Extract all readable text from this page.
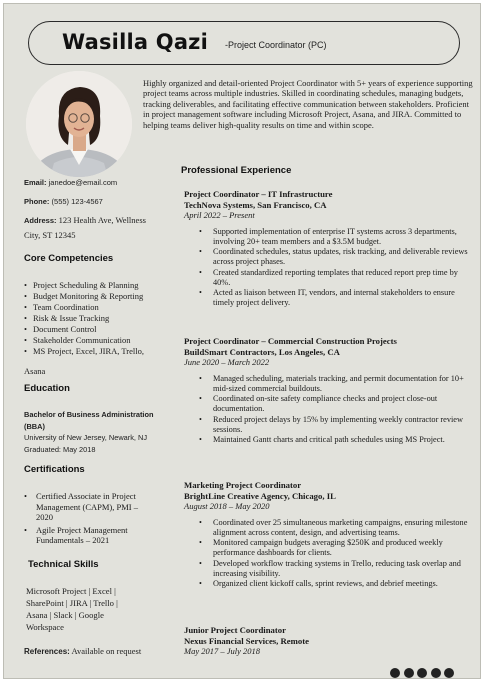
Wasilla Qazi -Project Coordinator (PC)
Highly organized and detail-oriented Project Coordinator with 5+ years of experience supporting project teams across multiple industries. Skilled in coordinating schedules, managing budgets, tracking deliverables, and facilitating effective communication between stakeholders. Proficient in project management software including Microsoft Project, Asana, and JIRA. Committed to helping teams deliver high-quality results on time and within scope.
Email: janedoe@email.com
Phone: (555) 123-4567
Address: 123 Health Ave, Wellness
City, ST 12345
Core Competencies
• Project Scheduling & Planning
• Budget Monitoring & Reporting
• Team Coordination
• Risk & Issue Tracking
• Document Control
• Stakeholder Communication
• MS Project, Excel, JIRA, Trello,
Asana
Education
Bachelor of Business Administration
(BBA)
University of New Jersey, Newark, NJ
Graduated: May 2018
Certifications
• Certified Associate in Project
Management (CAPM), PMI –
2020
• Agile Project Management
Fundamentals – 2021
Technical Skills
Microsoft Project | Excel |
SharePoint | JIRA | Trello |
Asana | Slack | Google
Workspace
References: Available on request
Professional Experience
Project Coordinator – IT Infrastructure
TechNova Systems, San Francisco, CA
April 2022 – Present
• Supported implementation of enterprise IT systems across 3 departments, involving 20+ team members and a $3.5M budget.
• Coordinated schedules, status updates, risk tracking, and deliverable reviews across project phases.
• Created standardized reporting templates that reduced report prep time by 40%.
• Acted as liaison between IT, vendors, and internal stakeholders to ensure timely project delivery.
Project Coordinator – Commercial Construction Projects
BuildSmart Contractors, Los Angeles, CA
June 2020 – March 2022
• Managed scheduling, materials tracking, and permit documentation for 10+ mid-sized commercial buildouts.
• Coordinated on-site safety compliance checks and project close-out documentation.
• Reduced project delays by 15% by implementing weekly contractor review sessions.
• Maintained Gantt charts and critical path schedules using MS Project.
Marketing Project Coordinator
BrightLine Creative Agency, Chicago, IL
August 2018 – May 2020
• Coordinated over 25 simultaneous marketing campaigns, ensuring milestone alignment across content, design, and advertising teams.
• Monitored campaign budgets averaging $250K and produced weekly performance dashboards for clients.
• Developed workflow tracking systems in Trello, reducing task overlap and increasing visibility.
• Organized client kickoff calls, sprint reviews, and debrief meetings.
Junior Project Coordinator
Nexus Financial Services, Remote
May 2017 – July 2018
